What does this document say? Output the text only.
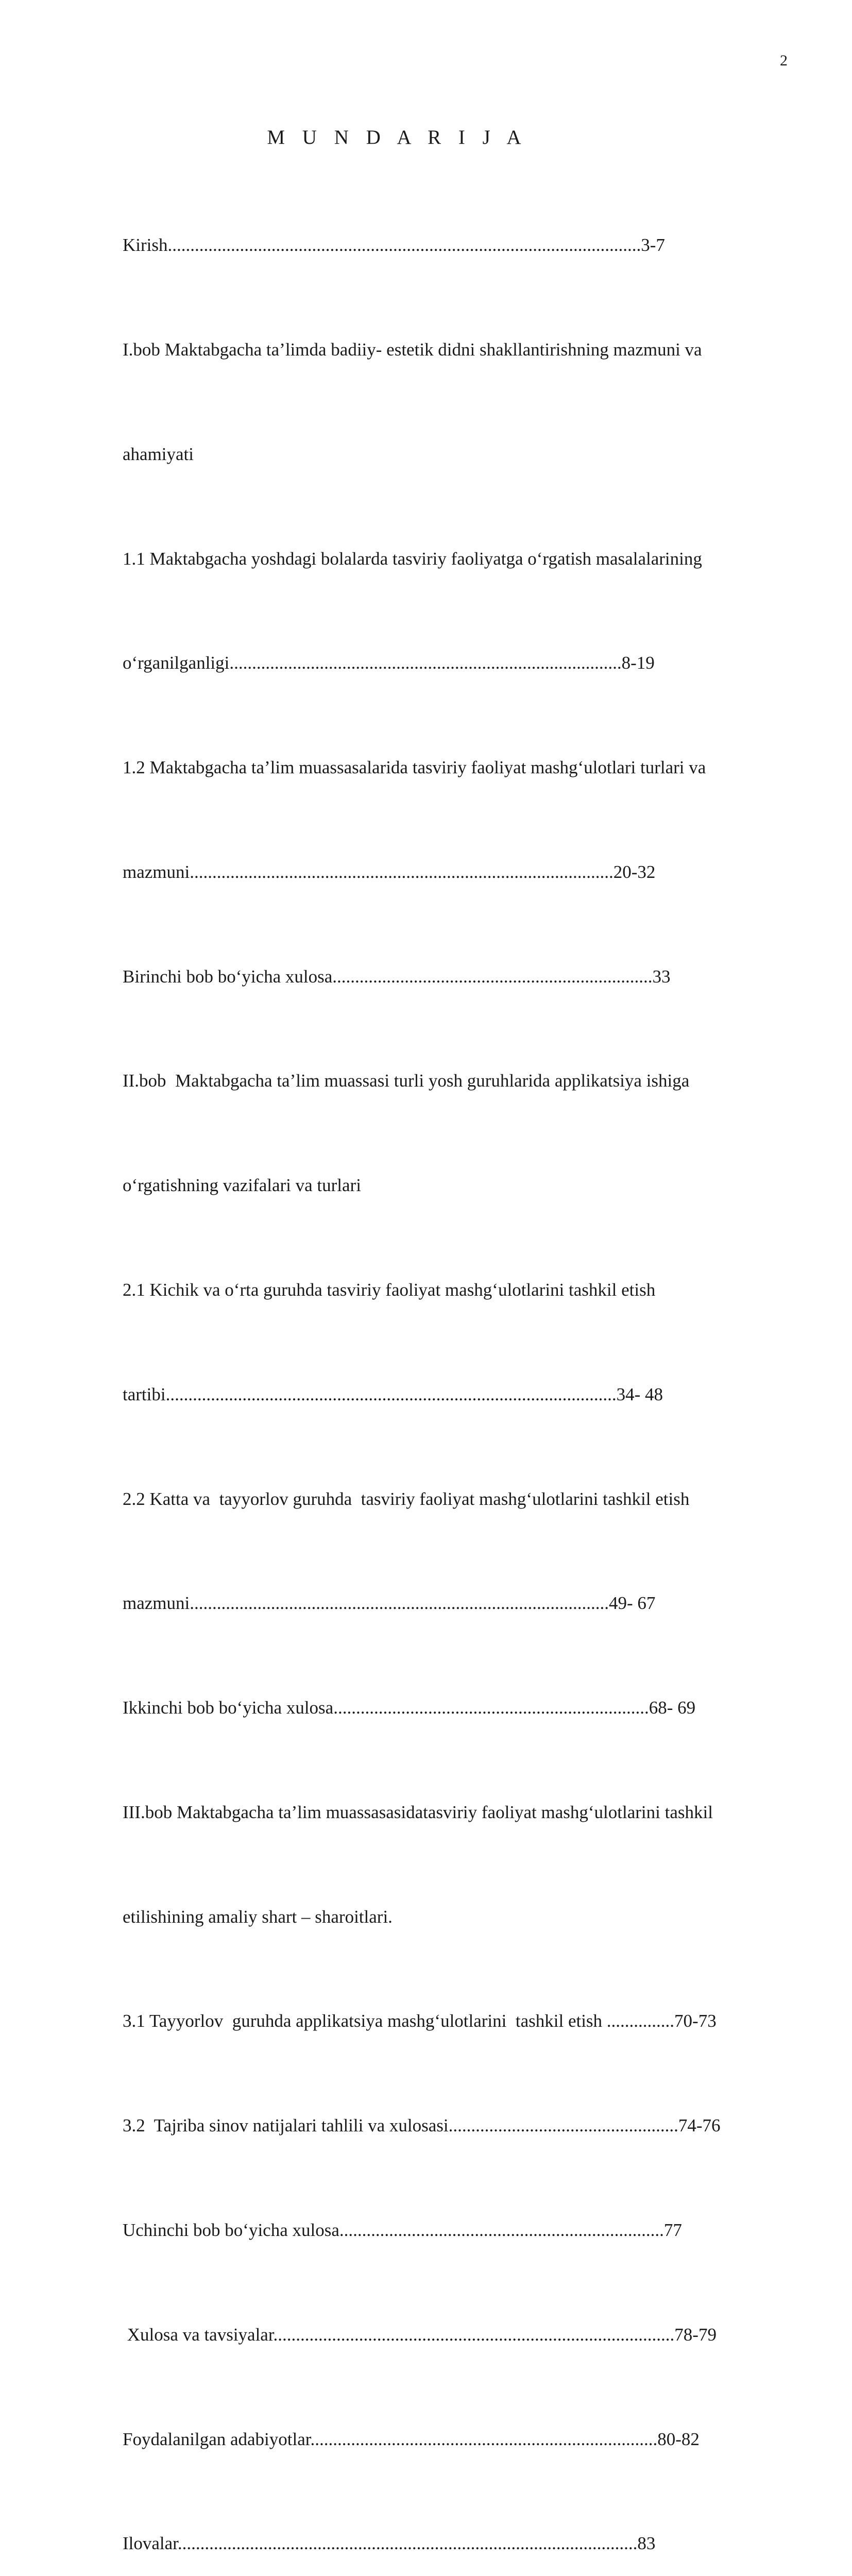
2
M U N D A R I J A

Kirish.........................................................................................................3-7

I.bob Maktabgacha ta’limda badiiy- estetik didni shakllantirishning mazmuni va

ahamiyati

1.1 Maktabgacha yoshdagi bolalarda tasviriy faoliyatga o‘rgatish masalalarining

o‘rganilganligi.......................................................................................8-19

1.2 Maktabgacha ta’lim muassasalarida tasviriy faoliyat mashg‘ulotlari turlari va

mazmuni..............................................................................................20-32

Birinchi bob bo‘yicha xulosa.......................................................................33

II.bob  Maktabgacha ta’lim muassasi turli yosh guruhlarida applikatsiya ishiga

o‘rgatishning vazifalari va turlari

2.1 Kichik va o‘rta guruhda tasviriy faoliyat mashg‘ulotlarini tashkil etish

tartibi....................................................................................................34- 48

2.2 Katta va  tayyorlov guruhda  tasviriy faoliyat mashg‘ulotlarini tashkil etish

mazmuni.............................................................................................49- 67

Ikkinchi bob bo‘yicha xulosa......................................................................68- 69

III.bob Maktabgacha ta’lim muassasasidatasviriy faoliyat mashg‘ulotlarini tashkil

etilishining amaliy shart – sharoitlari.

3.1 Tayyorlov  guruhda applikatsiya mashg‘ulotlarini  tashkil etish ...............70-73

3.2  Tajriba sinov natijalari tahlili va xulosasi...................................................74-76

Uchinchi bob bo‘yicha xulosa........................................................................77

Xulosa va tavsiyalar.........................................................................................78-79

Foydalanilgan adabiyotlar.............................................................................80-82

Ilovalar......................................................................................................83
